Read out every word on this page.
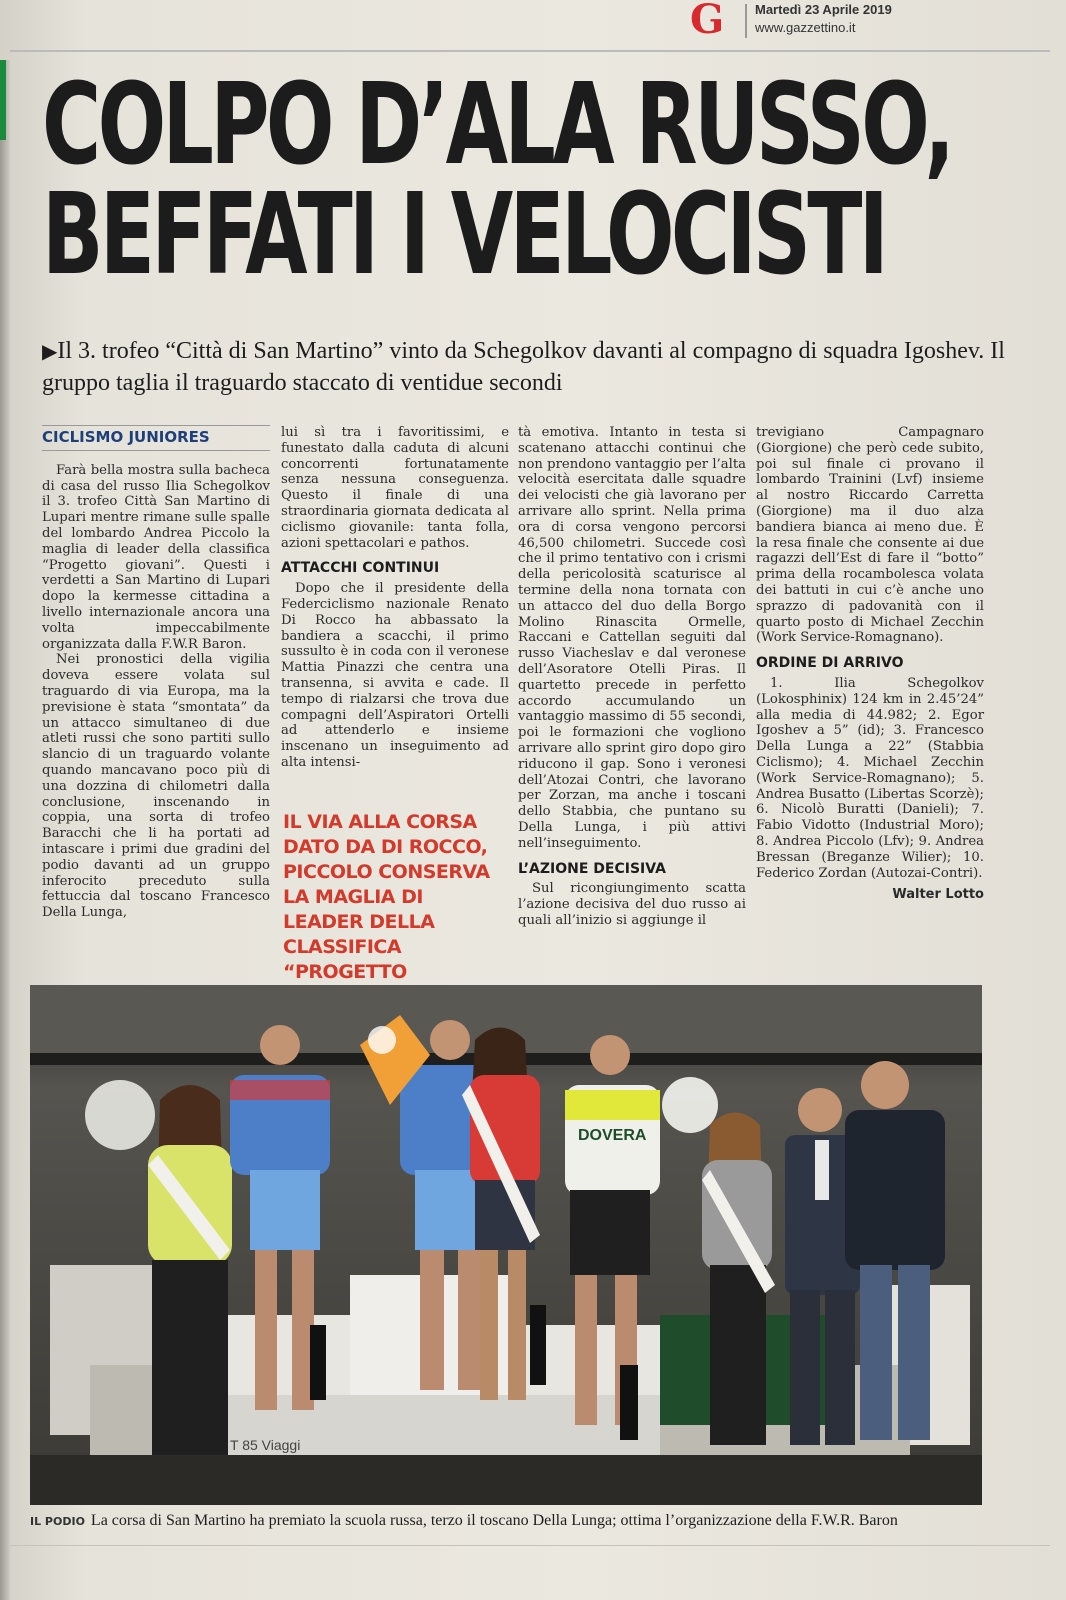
G Martedì 23 Aprile 2019
www.gazzettino.it
COLPO D’ALA RUSSO,
BEFFATI I VELOCISTI
▶Il 3. trofeo “Città di San Martino” vinto da Schegolkov davanti al compagno di squadra Igoshev. Il gruppo taglia il traguardo staccato di ventidue secondi
CICLISMO JUNIORES

Farà bella mostra sulla bacheca di casa del russo Ilia Schegolkov il 3. trofeo Città San Martino di Lupari mentre rimane sulle spalle del lombardo Andrea Piccolo la maglia di leader della classifica “Progetto giovani”. Questi i verdetti a San Martino di Lupari dopo la kermesse cittadina a livello internazionale ancora una volta impeccabilmente organizzata dalla F.W.R Baron.

Nei pronostici della vigilia doveva essere volata sul traguardo di via Europa, ma la previsione è stata “smontata” da un attacco simultaneo di due atleti russi che sono partiti sullo slancio di un traguardo volante quando mancavano poco più di una dozzina di chilometri dalla conclusione, inscenando in coppia, una sorta di trofeo Baracchi che li ha portati ad intascare i primi due gradini del podio davanti ad un gruppo inferocito preceduto sulla fettuccia dal toscano Francesco Della Lunga,

lui sì tra i favoritissimi, e funestato dalla caduta di alcuni concorrenti fortunatamente senza nessuna conseguenza. Questo il finale di una straordinaria giornata dedicata al ciclismo giovanile: tanta folla, azioni spettacolari e pathos.

ATTACCHI CONTINUI

Dopo che il presidente della Federciclismo nazionale Renato Di Rocco ha abbassato la bandiera a scacchi, il primo sussulto è in coda con il veronese Mattia Pinazzi che centra una transenna, si avvita e cade. Il tempo di rialzarsi che trova due compagni dell’Aspiratori Ortelli ad attenderlo e insieme inscenano un inseguimento ad alta intensi-

IL VIA ALLA CORSA DATO DA DI ROCCO, PICCOLO CONSERVA LA MAGLIA DI LEADER DELLA CLASSIFICA “PROGETTO

tà emotiva. Intanto in testa si scatenano attacchi continui che non prendono vantaggio per l’alta velocità esercitata dalle squadre dei velocisti che già lavorano per arrivare allo sprint. Nella prima ora di corsa vengono percorsi 46,500 chilometri. Succede così che il primo tentativo con i crismi della pericolosità scaturisce al termine della nona tornata con un attacco del duo della Borgo Molino Rinascita Ormelle, Raccani e Cattellan seguiti dal russo Viacheslav e dal veronese dell’Asoratore Otelli Piras. Il quartetto precede in perfetto accordo accumulando un vantaggio massimo di 55 secondi, poi le formazioni che vogliono arrivare allo sprint giro dopo giro riducono il gap. Sono i veronesi dell’Atozai Contri, che lavorano per Zorzan, ma anche i toscani dello Stabbia, che puntano su Della Lunga, i più attivi nell’inseguimento.

L’AZIONE DECISIVA

Sul ricongiungimento scatta l’azione decisiva del duo russo ai quali all’inizio si aggiunge il

trevigiano Campagnaro (Giorgione) che però cede subito, poi sul finale ci provano il lombardo Trainini (Lvf) insieme al nostro Riccardo Carretta (Giorgione) ma il duo alza bandiera bianca ai meno due. È la resa finale che consente ai due ragazzi dell’Est di fare il “botto” prima della rocambolesca volata dei battuti in cui c’è anche uno sprazzo di padovanità con il quarto posto di Michael Zecchin (Work Service-Romagnano).

ORDINE DI ARRIVO

1. Ilia Schegolkov (Lokosphinix) 124 km in 2.45’24” alla media di 44.982; 2. Egor Igoshev a 5” (id); 3. Francesco Della Lunga a 22” (Stabbia Ciclismo); 4. Michael Zecchin (Work Service-Romagnano); 5. Andrea Busatto (Libertas Scorzè); 6. Nicolò Buratti (Danieli); 7. Fabio Vidotto (Industrial Moro); 8. Andrea Piccolo (Lfv); 9. Andrea Bressan (Breganze Wilier); 10. Federico Zordan (Autozai-Contri).

Walter Lotto
T 85 Viaggi
DOVERA
IL PODIO La corsa di San Martino ha premiato la scuola russa, terzo il toscano Della Lunga; ottima l’organizzazione della F.W.R. Baron
